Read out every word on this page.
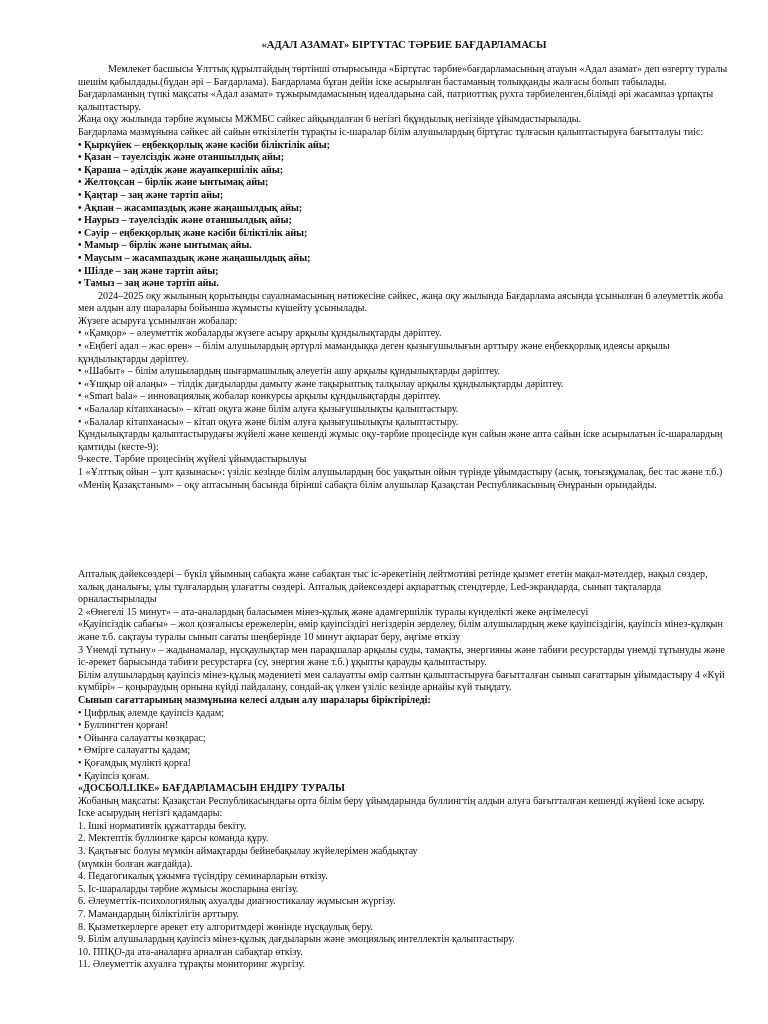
«АДАЛ АЗАМАТ» БІРТҰТАС ТӘРБИЕ БАҒДАРЛАМАСЫ

Мемлекет басшысы Ұлттық құрылтайдың төртінші отырысында «Біртұтас тәрбие»бағдарламасының атауын «Адал азамат» деп өзгерту туралы шешім қабылдады.(бұдан әрі – Бағдарлама). Бағдарлама бұған дейін іске асырылған бастаманың толыққанды жалғасы болып табылады. Бағдарламаның түпкі мақсаты «Адал азамат» тұжырымдамасының идеалдарына сай, патриоттық рухта тәрбиеленген,білімді әрі жасампаз ұрпақты қалыптастыру.

Жаңа оқу жылында тәрбие жұмысы МЖМБС сәйкес айқындалған 6 негізгі бқұндылық негізінде ұйымдастырылады.

Бағдарлама мазмұнына сәйкес ай сайын өткізілетін тұрақты іс-шаралар білім алушылардың біртұтас тұлғасын қалыптастыруға бағытталуы тиіс:

• Қыркүйек – еңбекқорлық және кәсіби біліктілік айы;

• Қазан – тәуелсіздік және отаншылдық айы;

• Қараша – әділдік және жауапкершілік айы;

• Желтоқсан – бірлік және ынтымақ айы;

• Қаңтар – заң және тәртіп айы;

• Ақпан – жасампаздық және жаңашылдық айы;

• Наурыз – тәуелсіздік және отаншылдық айы;

• Сәуір – еңбекқорлық және кәсіби біліктілік айы;

• Мамыр – бірлік және ынтымақ айы.

• Маусым – жасампаздық және жаңашылдық айы;

• Шілде – заң және тәртіп айы;

• Тамыз – заң және тәртіп айы.

2024–2025 оқу жылының қорытынды сауалнамасының нәтижесіне сәйкес, жаңа оқу жылында Бағдарлама аясында ұсынылған 6 әлеуметтік жоба мен алдын алу шаралары бойынша жұмысты күшейту ұсынылады.

Жүзеге асыруға ұсынылған жобалар:

• «Қамқор» – әлеуметтік жобаларды жүзеге асыру арқылы құндылықтарды дәріптеу.

• «Еңбегі адал – жас өрен» – білім алушылардың әртүрлі мамандыққа деген қызығушылығын арттыру және еңбекқорлық идеясы арқылы құндылықтарды дәріптеу.

• «Шабыт» – білім алушылардың шығармашылық әлеуетін ашу арқылы құндылықтарды дәріптеу.

• «Ұшқыр ой алаңы» – тілдік дағдыларды дамыту және тақырыптық талқылау арқылы құндылықтарды дәріптеу.

• «Smart bala» – инновациялық жобалар конкурсы арқылы құндылықтарды дәріптеу.

• «Балалар кітапханасы» – кітап оқуға және білім алуға қызығушылықты қалыптастыру.

• «Балалар кітапханасы» – кітап оқуға және білім алуға қызығушылықты қалыптастыру.

Құндылықтарды қалыптастырудағы жүйелі және кешенді жұмыс оқу-тәрбие процесінде күн сайын және апта сайын іске асырылатын іс-шаралардың қамтиды (кесте-9):

9-кесте. Тәрбие процесінің жүйелі ұйымдастырылуы

1 «Ұлттық ойын – ұлт қазынасы»: үзіліс кезінде білім алушылардың бос уақытын ойын түрінде ұйымдастыру (асық, тоғызқұмалақ, бес тас және т.б.)

«Менің Қазақстаным» – оқу аптасының басында бірінші сабақта білім алушылар Қазақстан Республикасының Әнұранын орындайды.

Апталық дәйексөздері – бүкіл ұйымның сабақта және сабақтан тыс іс-әрекетінің лейтмотиві ретінде қызмет ететін мақал-мәтелдер, нақыл сөздер, халық даналығы, ұлы тұлғалардың ұлағатты сөздері. Апталық дәйексөздері ақпараттық стендтерде, Led-экрандарда, сынып тақталарда орналастырылады

2 «Өнегелі 15 минут» – ата-аналардың баласымен мінез-құлық және адамгершілік туралы күнделікті жеке әңгімелесуі

«Қауіпсіздік сабағы» – жол қозғалысы ережелерін, өмір қауіпсіздігі негіздерін зерделеу, білім алушылардың жеке қауіпсіздігін, қауіпсіз мінез-құлқын және т.б. сақтауы туралы сынып сағаты шеңберінде 10 минут ақпарат беру, әңгіме өткізу

3 Үнемді тұтыну» – жадынамалар, нұсқаулықтар мен парақшалар арқылы суды, тамақты, энергияны және табиғи ресурстарды үнемді тұтынуды және іс-әрекет барысында табиғи ресурстарға (су, энергия және т.б.) ұқыпты қарауды қалыптастыру.

Білім алушылардың қауіпсіз мінез-құлық мәдениеті мен салауатты өмір салтын қалыптастыруға бағытталған сынып сағаттарын ұйымдастыру 4 «Күй күмбірі» – қоңыраудың орнына күйді пайдалану, сондай-ақ үлкен үзіліс кезінде арнайы күй тыңдату.

Сынып сағаттарының мазмұнына келесі алдын алу шаралары біріктіріледі:

• Цифрлық әлемде қауіпсіз қадам;

• Буллингтен қорған!

• Ойынға салауатты көзқарас;

• Өмірге салауатты қадам;

• Қоғамдық мүлікті қорға!

• Қауіпсіз қоғам.

«ДОСБОЛ.LIKE» БАҒДАРЛАМАСЫН ЕНДІРУ ТУРАЛЫ

Жобаның мақсаты: Қазақстан Республикасындағы орта білім беру ұйымдарында буллингтің алдын алуға бағытталған кешенді жүйені іске асыру.

Іске асырудың негізгі қадамдары:

1. Ішкі нормативтік құжаттарды бекіту.

2. Мектептік буллингке қарсы команда құру.

3. Қақтығыс болуы мүмкін аймақтарды бейнебақылау жүйелерімен жабдықтау

(мүмкін болған жағдайда).

4. Педагогикалық ұжымға түсіндіру семинарларын өткізу.

5. Іс-шараларды тәрбие жұмысы жоспарына енгізу.

6. Әлеуметтік-психологиялық ахуалды диагностикалау жұмысын жүргізу.

7. Мамандардың біліктілігін арттыру.

8. Қызметкерлерге әрекет ету алгоритмдері жөнінде нұсқаулық беру.

9. Білім алушылардың қауіпсіз мінез-құлық дағдыларын және эмоциялық интеллектін қалыптастыру.

10. ППҚО-да ата-аналарға арналған сабақтар өткізу.

11. Әлеуметтік ахуалға тұрақты мониторинг жүргізу.
